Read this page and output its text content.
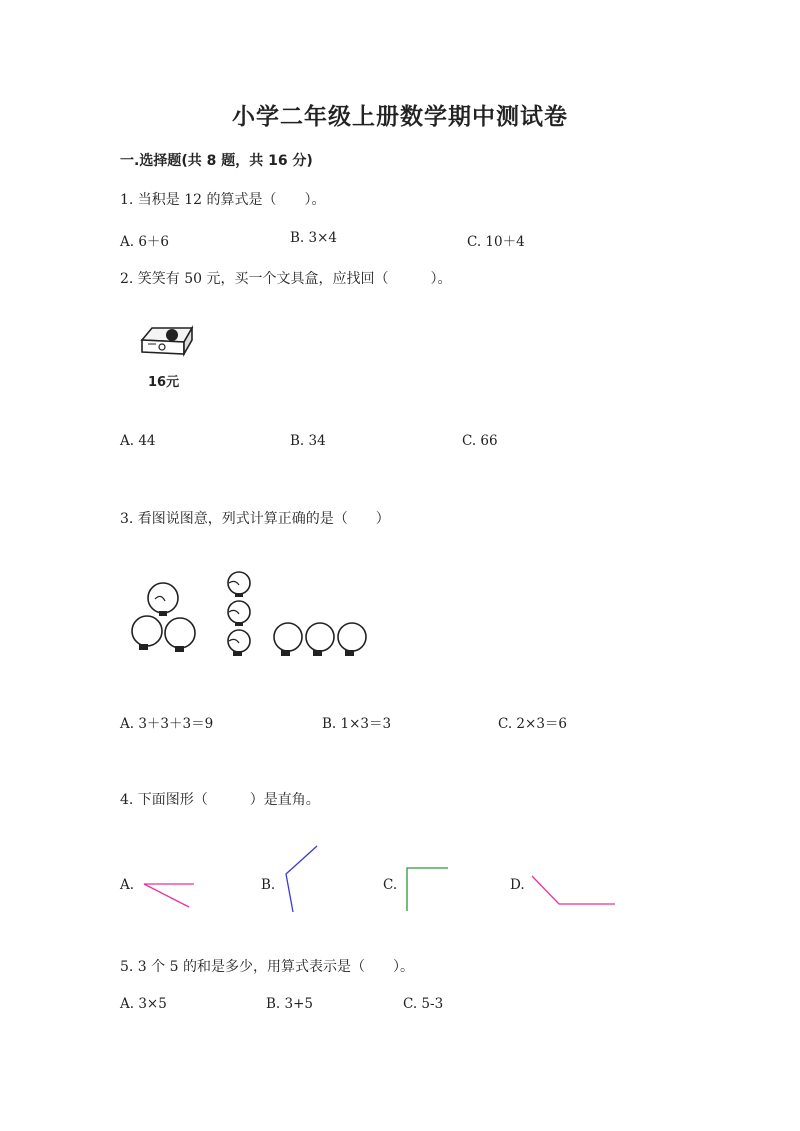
小学二年级上册数学期中测试卷
一.选择题(共 8 题，共 16 分)
1. 当积是 12 的算式是（　　）。
A. 6＋6	B. 3×4	C. 10＋4
2. 笑笑有 50 元，买一个文具盒，应找回（　　　）。
16元
A. 44	B. 34	C. 66
3. 看图说图意，列式计算正确的是（　　）
A. 3＋3＋3＝9	B. 1×3＝3	C. 2×3＝6
4. 下面图形（　　　）是直角。
A.	B.	C.	D.
5. 3 个 5 的和是多少，用算式表示是（　　）。
A. 3×5	B. 3+5	C. 5-3
